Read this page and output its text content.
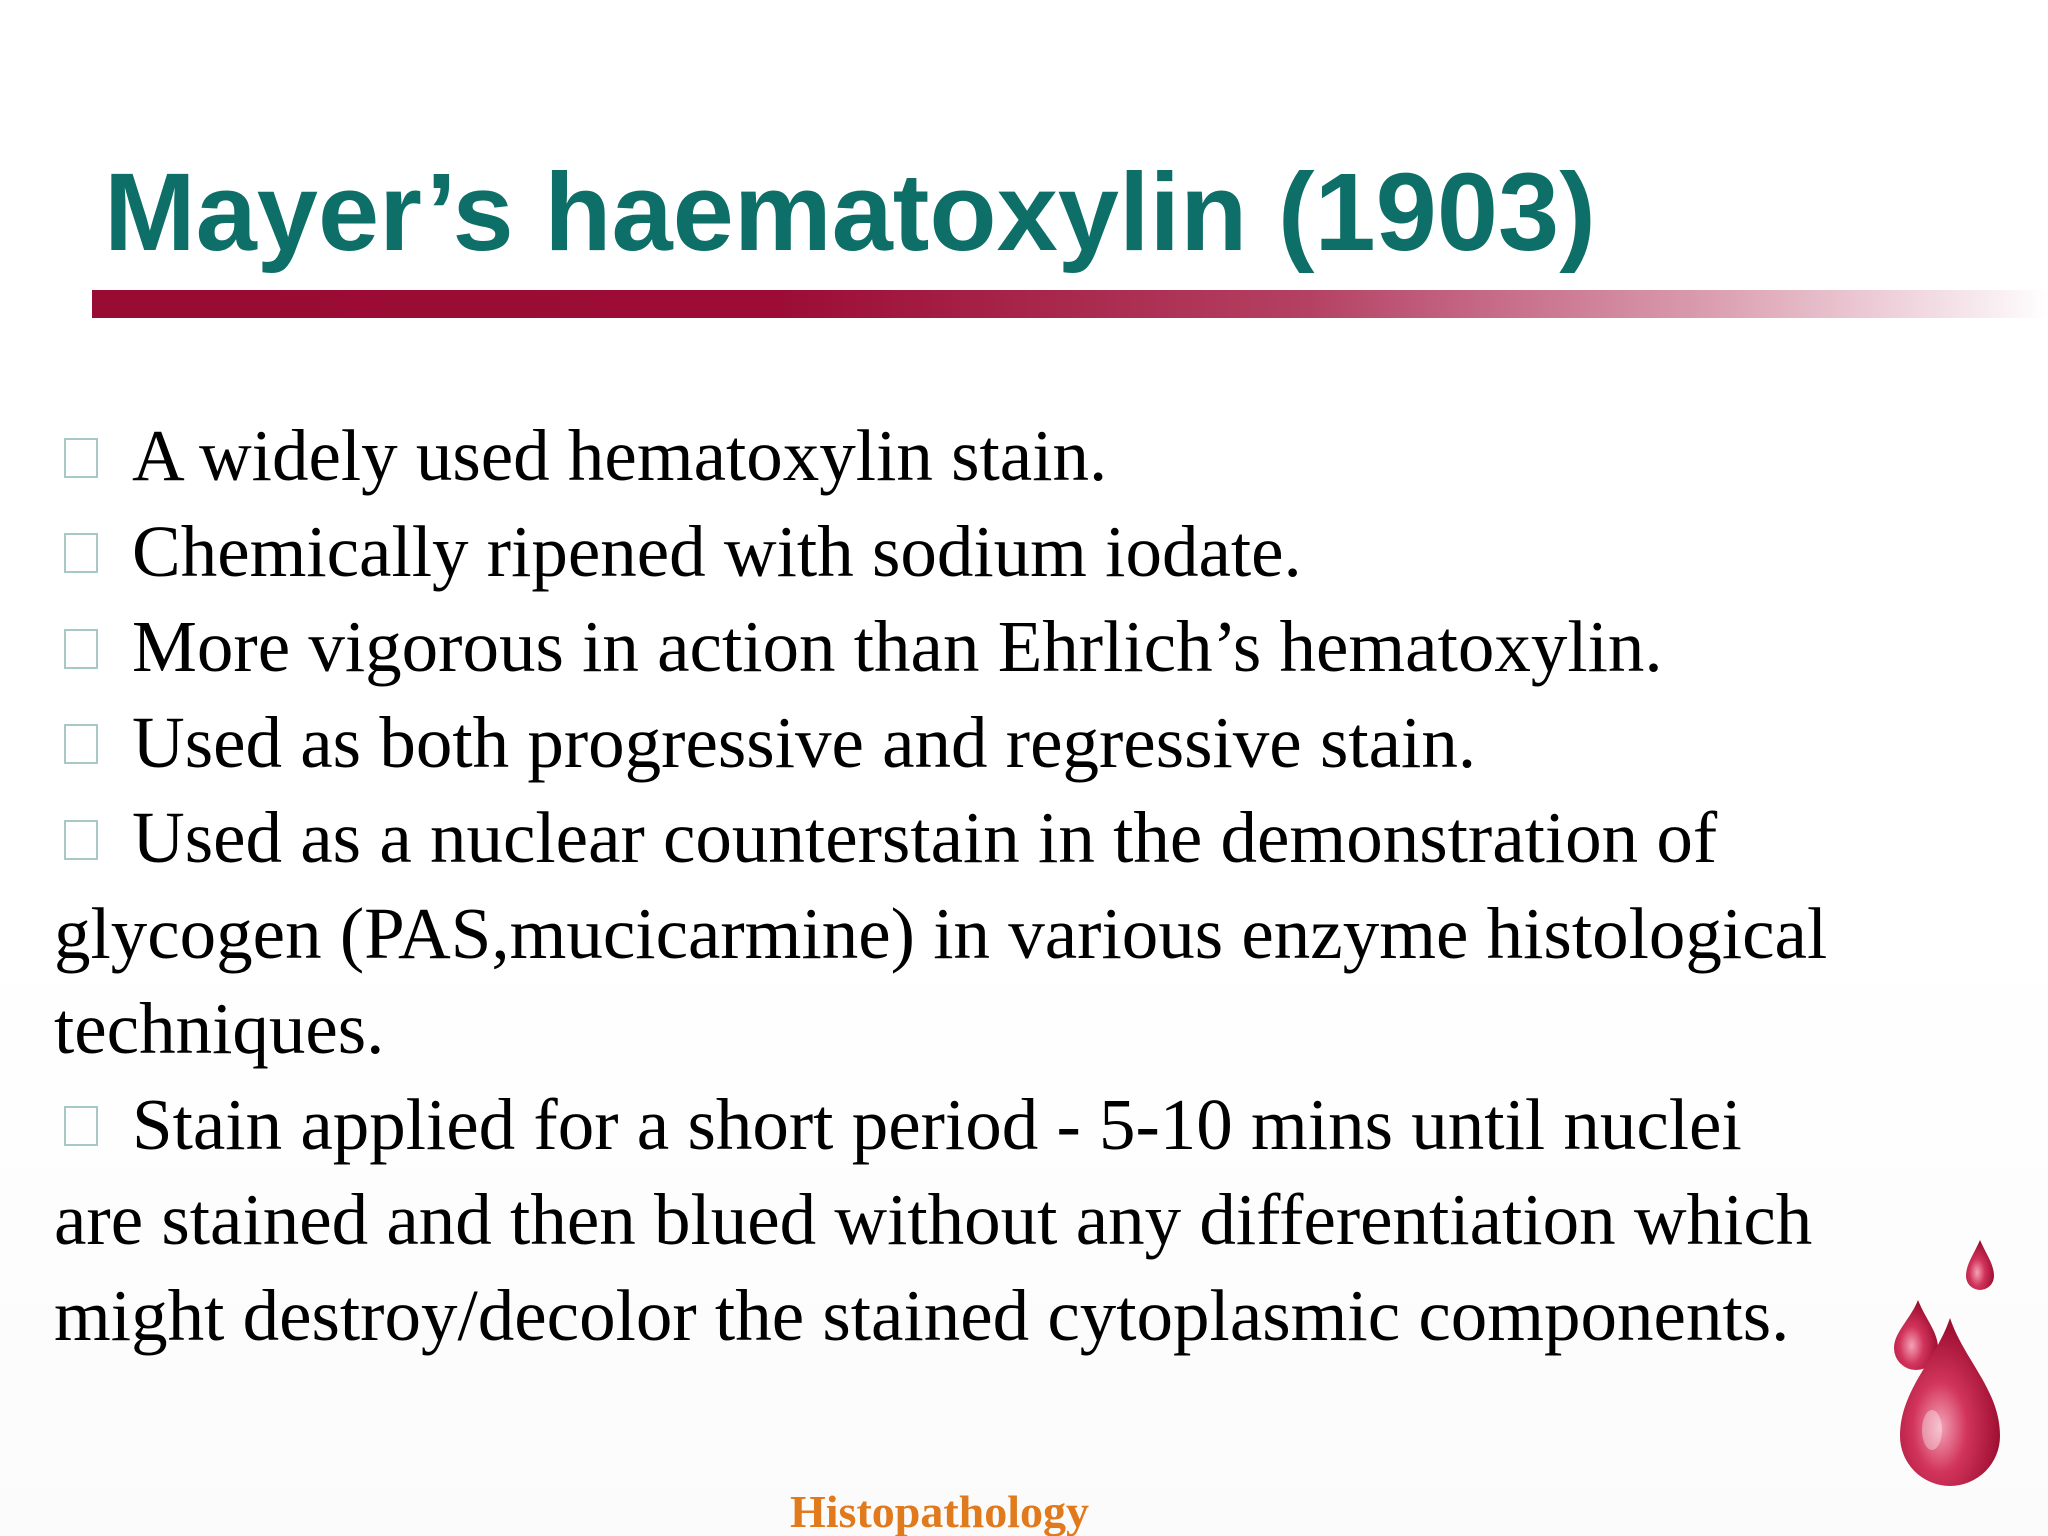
Mayer’s haematoxylin (1903)
A widely used hematoxylin stain.
Chemically ripened with sodium iodate.
More vigorous in action than Ehrlich’s hematoxylin.
Used as both progressive and regressive stain.
Used as a nuclear counterstain in the demonstration of
glycogen (PAS,mucicarmine) in various enzyme histological
techniques.
Stain applied for a short period - 5-10 mins until nuclei
are stained and then blued without any differentiation which
might destroy/decolor the stained cytoplasmic components.
Histopathology
